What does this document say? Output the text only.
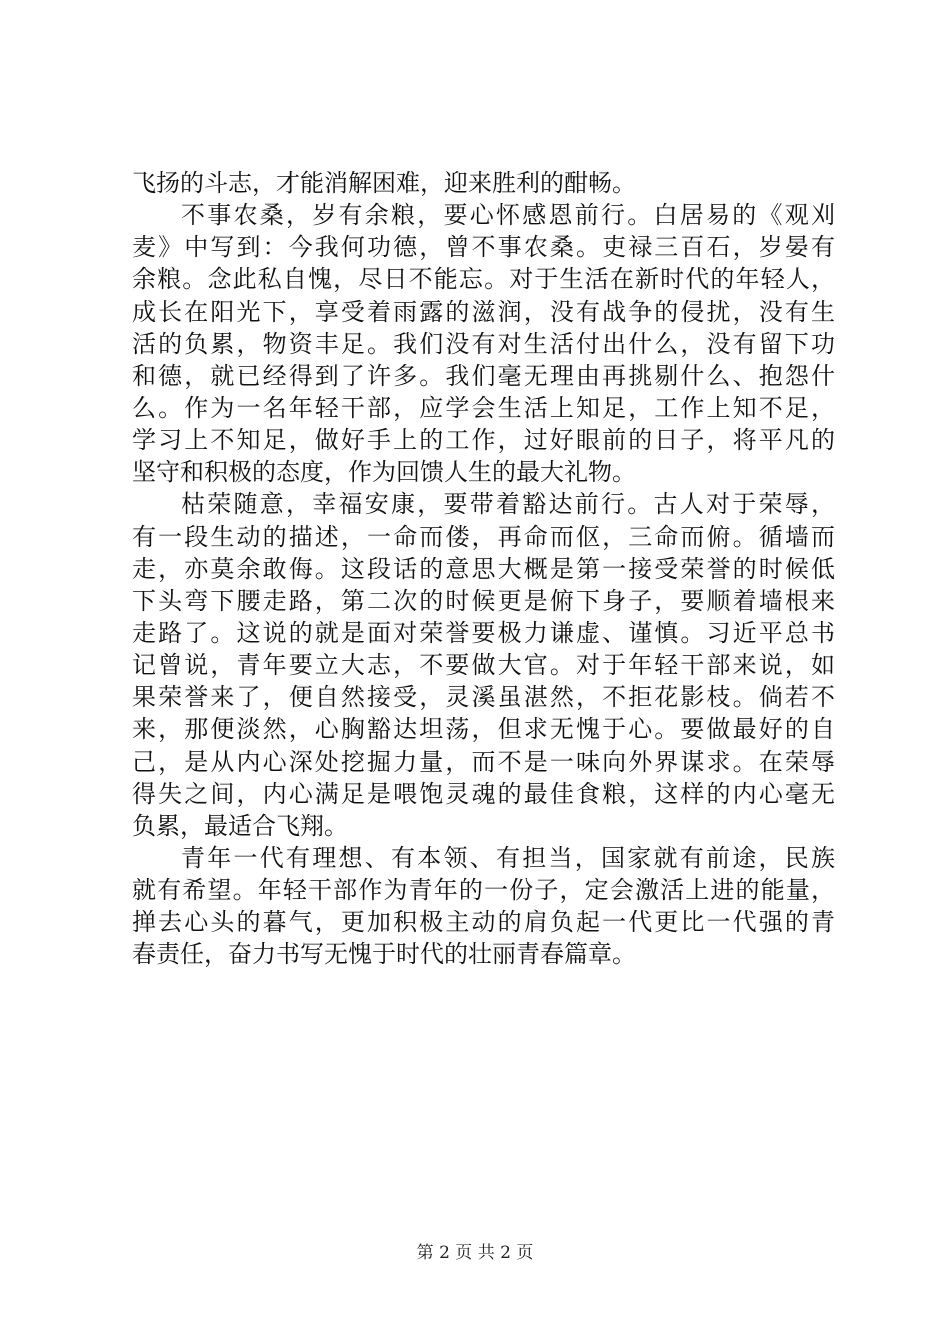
飞扬的斗志，才能消解困难，迎来胜利的酣畅。
不事农桑，岁有余粮，要心怀感恩前行。白居易的《观刈
麦》中写到：今我何功德，曾不事农桑。吏禄三百石，岁晏有
余粮。念此私自愧，尽日不能忘。对于生活在新时代的年轻人，
成长在阳光下，享受着雨露的滋润，没有战争的侵扰，没有生
活的负累，物资丰足。我们没有对生活付出什么，没有留下功
和德，就已经得到了许多。我们毫无理由再挑剔什么、抱怨什
么。作为一名年轻干部，应学会生活上知足，工作上知不足，
学习上不知足，做好手上的工作，过好眼前的日子，将平凡的
坚守和积极的态度，作为回馈人生的最大礼物。
枯荣随意，幸福安康，要带着豁达前行。古人对于荣辱，
有一段生动的描述，一命而偻，再命而伛，三命而俯。循墙而
走，亦莫余敢侮。这段话的意思大概是第一接受荣誉的时候低
下头弯下腰走路，第二次的时候更是俯下身子，要顺着墙根来
走路了。这说的就是面对荣誉要极力谦虚、谨慎。习近平总书
记曾说，青年要立大志，不要做大官。对于年轻干部来说，如
果荣誉来了，便自然接受，灵溪虽湛然，不拒花影枝。倘若不
来，那便淡然，心胸豁达坦荡，但求无愧于心。要做最好的自
己，是从内心深处挖掘力量，而不是一味向外界谋求。在荣辱
得失之间，内心满足是喂饱灵魂的最佳食粮，这样的内心毫无
负累，最适合飞翔。
青年一代有理想、有本领、有担当，国家就有前途，民族
就有希望。年轻干部作为青年的一份子，定会激活上进的能量，
掸去心头的暮气，更加积极主动的肩负起一代更比一代强的青
春责任，奋力书写无愧于时代的壮丽青春篇章。
第 2 页 共 2 页
